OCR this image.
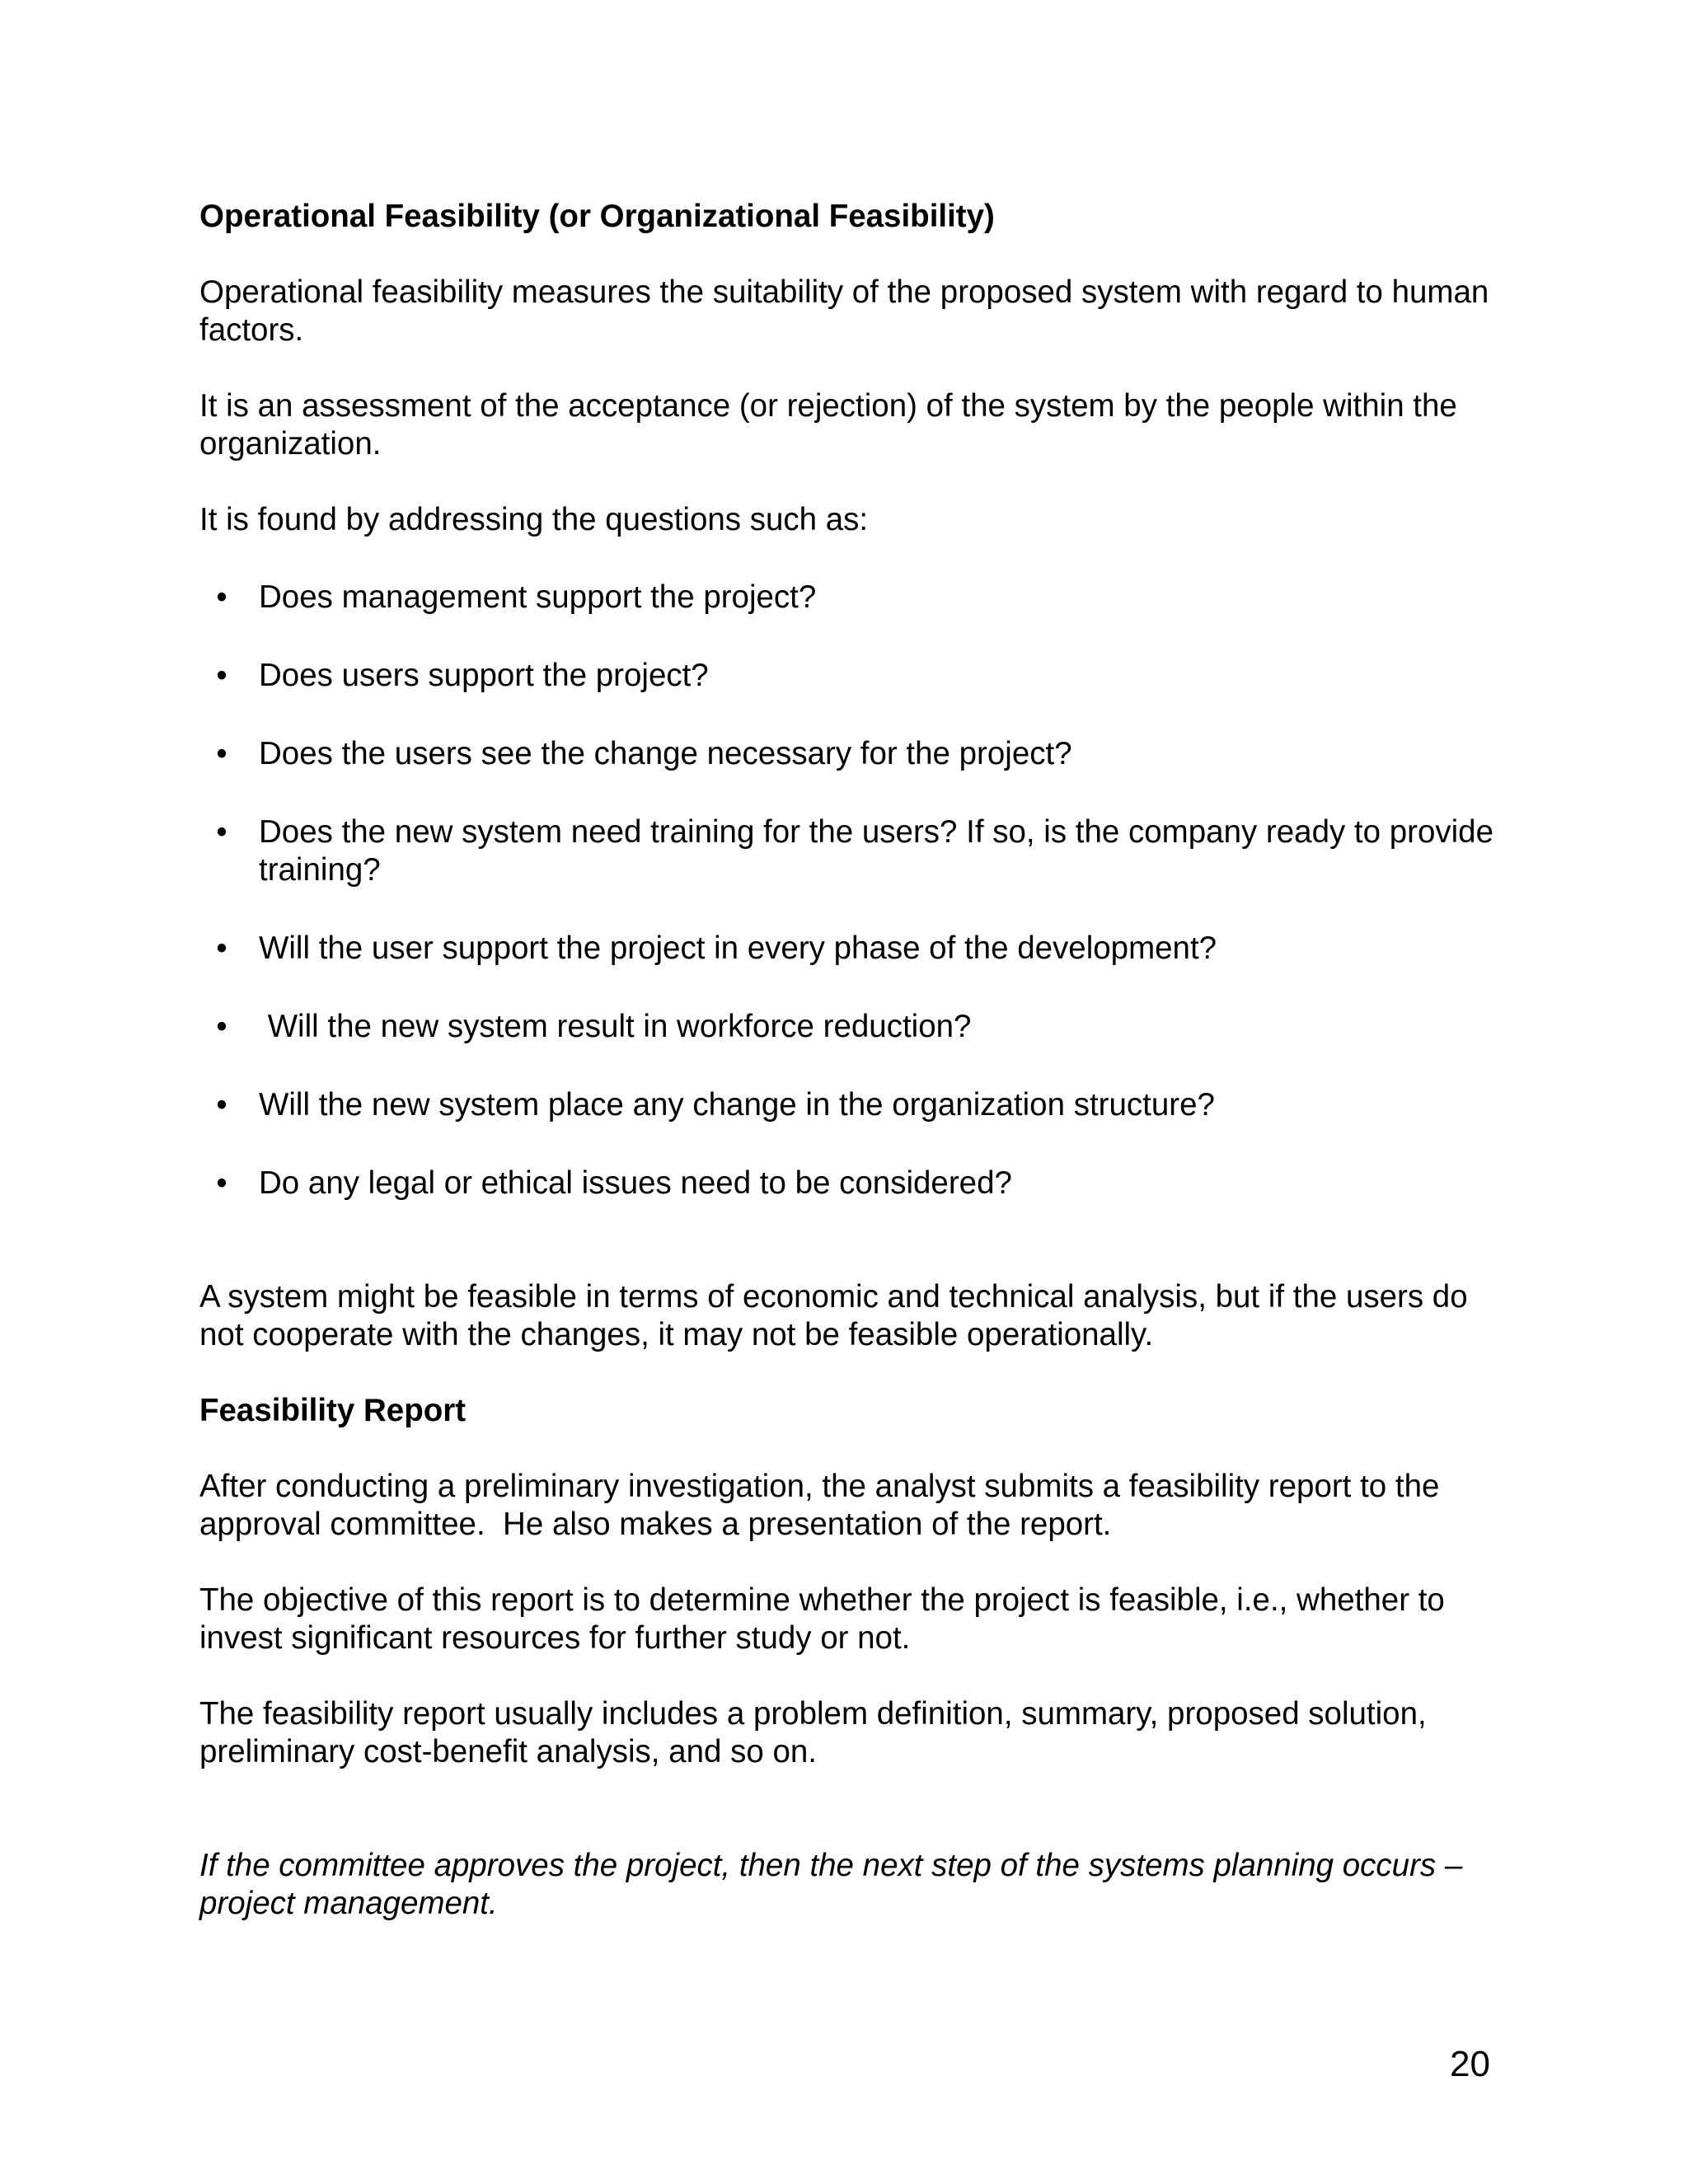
Operational Feasibility (or Organizational Feasibility)

Operational feasibility measures the suitability of the proposed system with regard to human factors.

It is an assessment of the acceptance (or rejection) of the system by the people within the organization.

It is found by addressing the questions such as:

• Does management support the project?
• Does users support the project?
• Does the users see the change necessary for the project?
• Does the new system need training for the users? If so, is the company ready to provide training?
• Will the user support the project in every phase of the development?
• Will the new system result in workforce reduction?
• Will the new system place any change in the organization structure?
• Do any legal or ethical issues need to be considered?

A system might be feasible in terms of economic and technical analysis, but if the users do not cooperate with the changes, it may not be feasible operationally.

Feasibility Report

After conducting a preliminary investigation, the analyst submits a feasibility report to the approval committee.  He also makes a presentation of the report.

The objective of this report is to determine whether the project is feasible, i.e., whether to invest significant resources for further study or not.

The feasibility report usually includes a problem definition, summary, proposed solution, preliminary cost-benefit analysis, and so on.

If the committee approves the project, then the next step of the systems planning occurs – project management.

20
